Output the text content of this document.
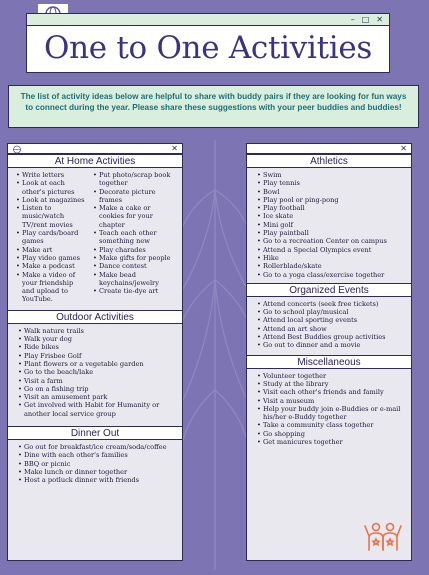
– □ ✕
One to One Activities
The list of activity ideas below are helpful to share with buddy pairs if they are looking for fun ways to connect during the year. Please share these suggestions with your peer buddies and buddies!
✕
At Home Activities
• Write letters
• Look at each other's pictures
• Look at magazines
• Listen to music/watch TV/rent movies
• Play cards/board games
• Make art
• Play video games
• Make a podcast
• Make a video of your friendship and upload to YouTube.
• Put photo/scrap book together
• Decorate picture frames
• Make a cake or cookies for your chapter
• Teach each other something new
• Play charades
• Make gifts for people
• Dance contest
• Make bead keychains/jewelry
• Create tie-dye art
Outdoor Activities
• Walk nature trails
• Walk your dog
• Ride bikes
• Play Frisbee Golf
• Plant flowers or a vegetable garden
• Go to the beach/lake
• Visit a farm
• Go on a fishing trip
• Visit an amusement park
• Get involved with Habit for Humanity or another local service group
Dinner Out
• Go out for breakfast/ice cream/soda/coffee
• Dine with each other's families
• BBQ or picnic
• Make lunch or dinner together
• Host a potluck dinner with friends
✕
Athletics
• Swim
• Play tennis
• Bowl
• Play pool or ping-pong
• Play football
• Ice skate
• Mini golf
• Play paintball
• Go to a recreation Center on campus
• Attend a Special Olympics event
• Hike
• Rollerblade/skate
• Go to a yoga class/exercise together
Organized Events
• Attend concerts (seek free tickets)
• Go to school play/musical
• Attend local sporting events
• Attend an art show
• Attend Best Buddies group activities
• Go out to dinner and a movie
Miscellaneous
• Volunteer together
• Study at the library
• Visit each other's friends and family
• Visit a museum
• Help your buddy join e-Buddies or e-mail his/her e-Buddy together
• Take a community class together
• Go shopping
• Get manicures together
